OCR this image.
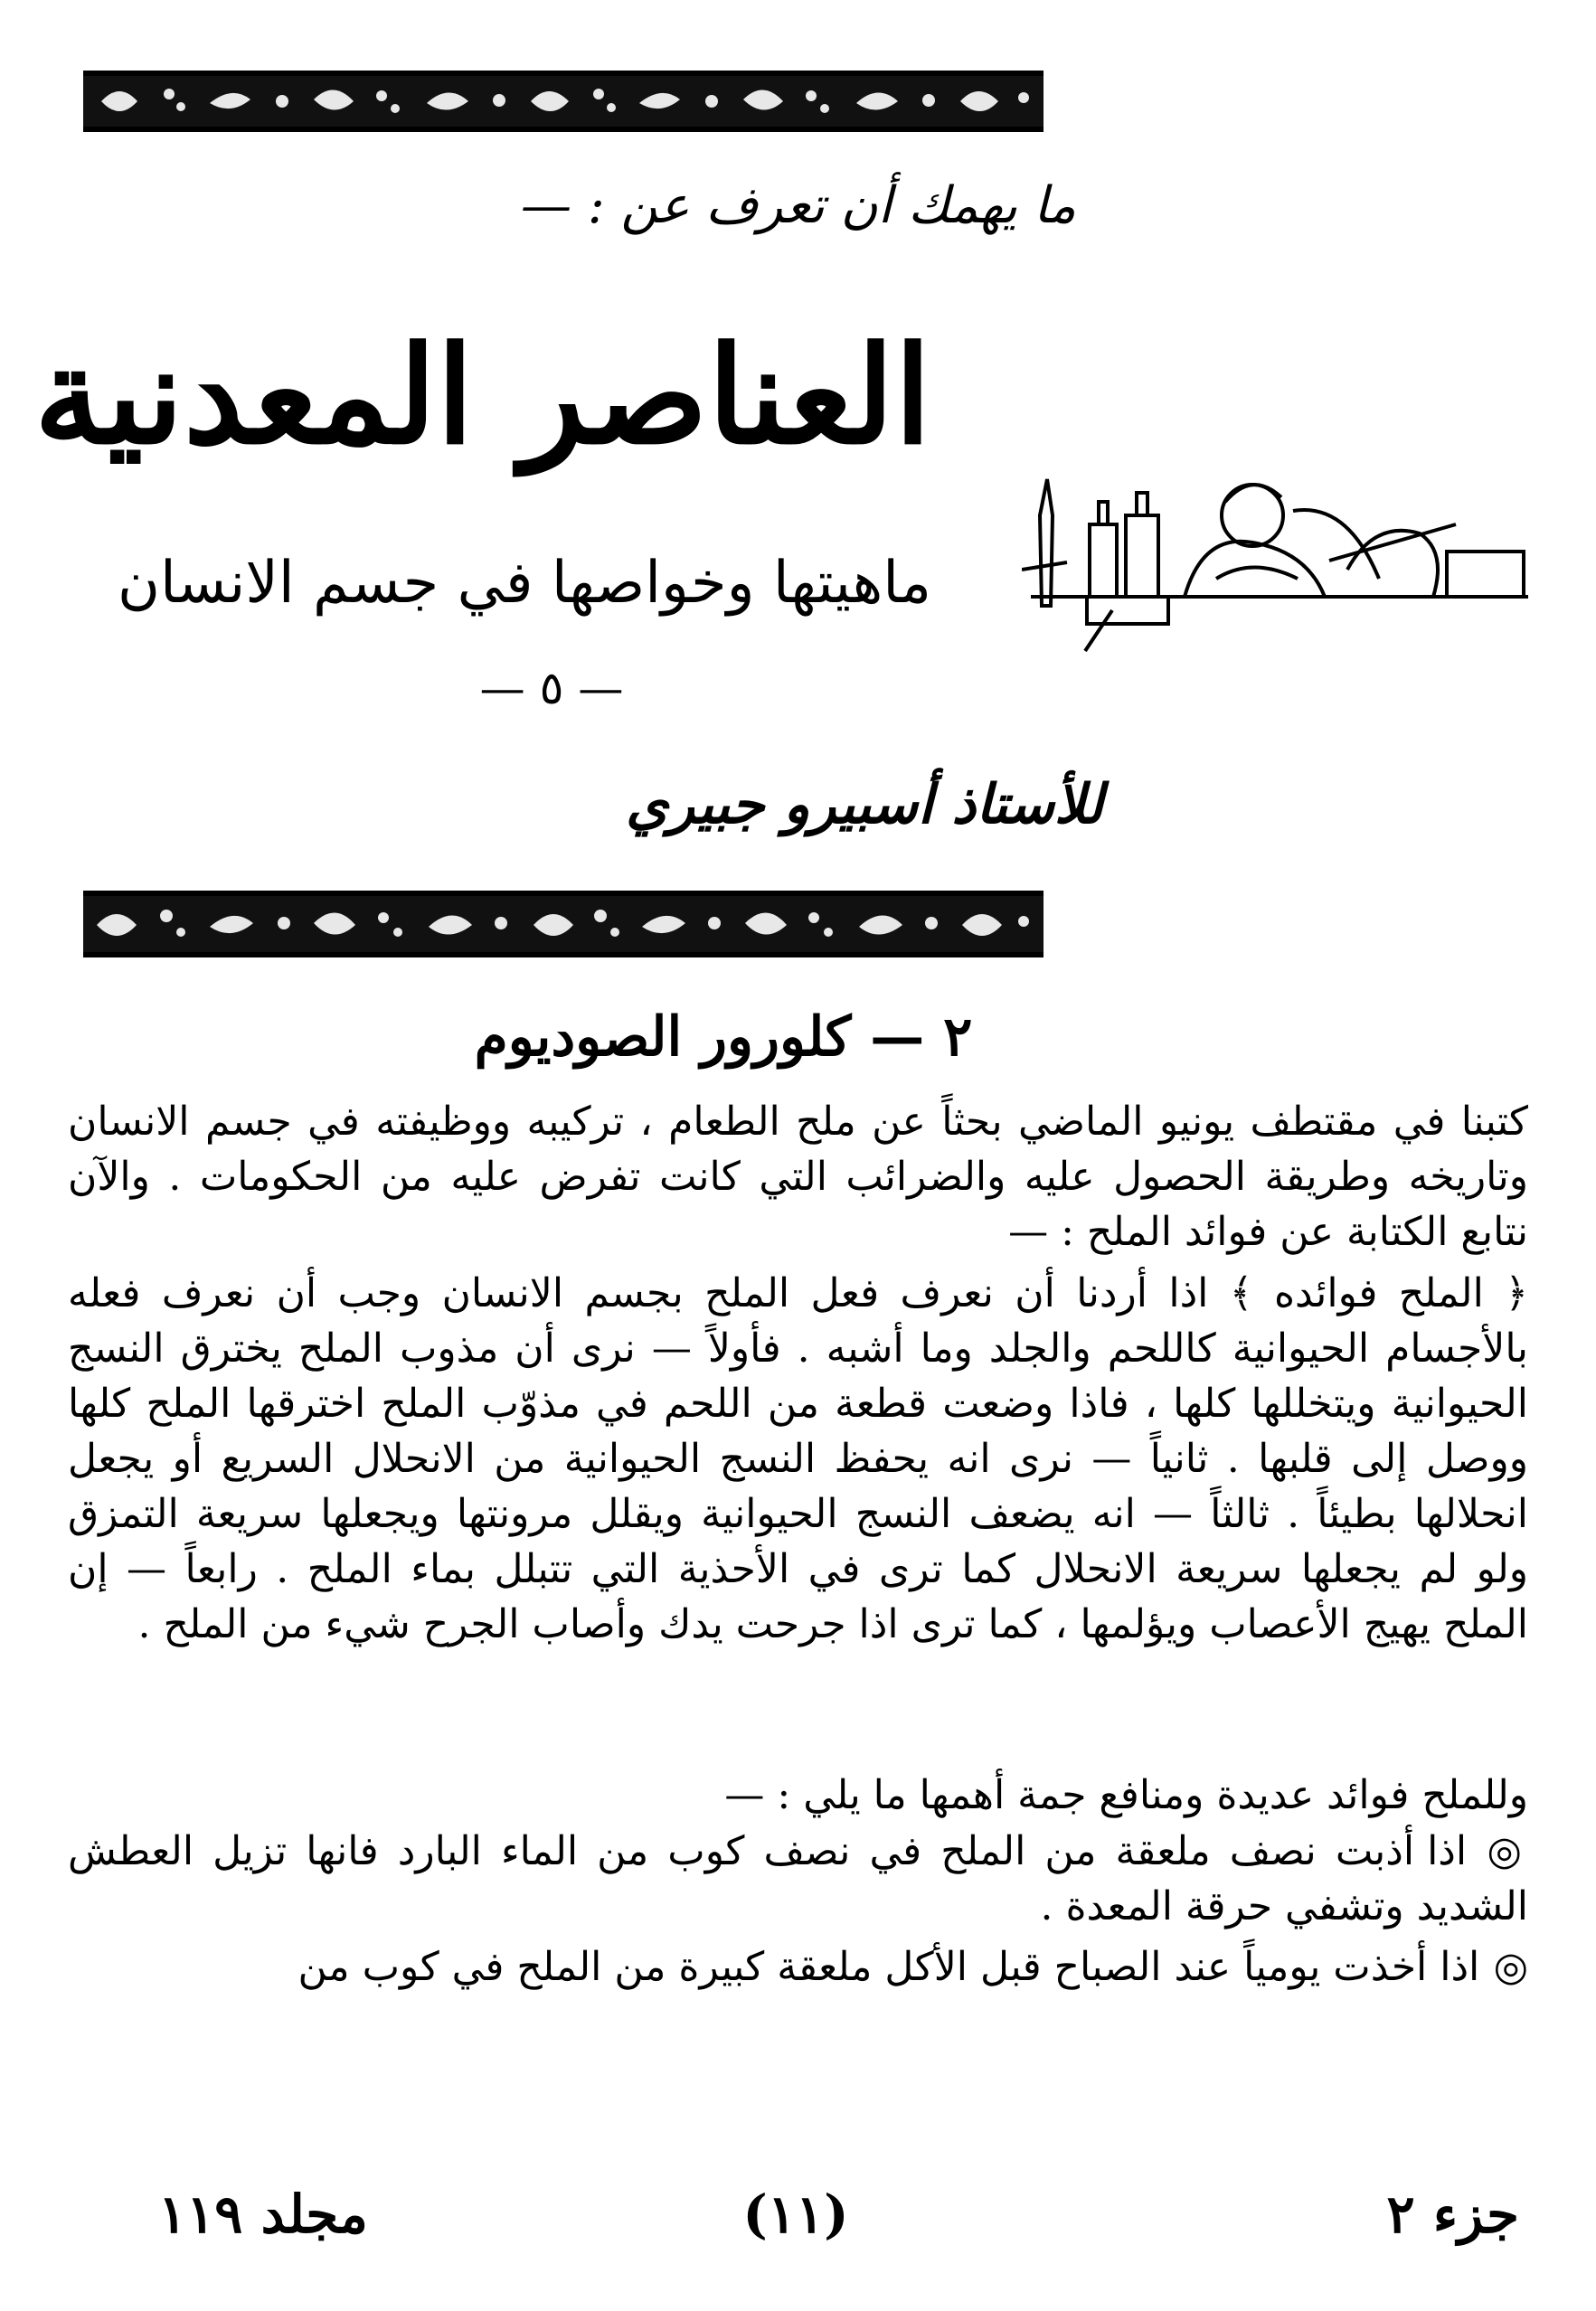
ما يهمك أن تعرف عن : —
العناصر المعدنية
ماهيتها وخواصها في جسم الانسان
— ٥ —
للأستاذ أسبيرو جبيري
٢ — كلورور الصوديوم

كتبنا في مقتطف يونيو الماضي بحثاً عن ملح الطعام ، تركيبه ووظيفته في جسم الانسان وتاريخه وطريقة الحصول عليه والضرائب التي كانت تفرض عليه من الحكومات . والآن نتابع الكتابة عن فوائد الملح : —

﴿ الملح فوائده ﴾ اذا أردنا أن نعرف فعل الملح بجسم الانسان وجب أن نعرف فعله بالأجسام الحيوانية كاللحم والجلد وما أشبه . فأولاً — نرى أن مذوب الملح يخترق النسج الحيوانية ويتخللها كلها ، فاذا وضعت قطعة من اللحم في مذوّب الملح اخترقها الملح كلها ووصل إلى قلبها . ثانياً — نرى انه يحفظ النسج الحيوانية من الانحلال السريع أو يجعل انحلالها بطيئاً . ثالثاً — انه يضعف النسج الحيوانية ويقلل مرونتها ويجعلها سريعة التمزق ولو لم يجعلها سريعة الانحلال كما ترى في الأحذية التي تتبلل بماء الملح . رابعاً — إن الملح يهيج الأعصاب ويؤلمها ، كما ترى اذا جرحت يدك وأصاب الجرح شيء من الملح .

وللملح فوائد عديدة ومنافع جمة أهمها ما يلي : —

◎ اذا أذبت نصف ملعقة من الملح في نصف كوب من الماء البارد فانها تزيل العطش الشديد وتشفي حرقة المعدة .
◎ اذا أخذت يومياً عند الصباح قبل الأكل ملعقة كبيرة من الملح في كوب من
مجلد ١١٩	(١١)	جزء ٢
